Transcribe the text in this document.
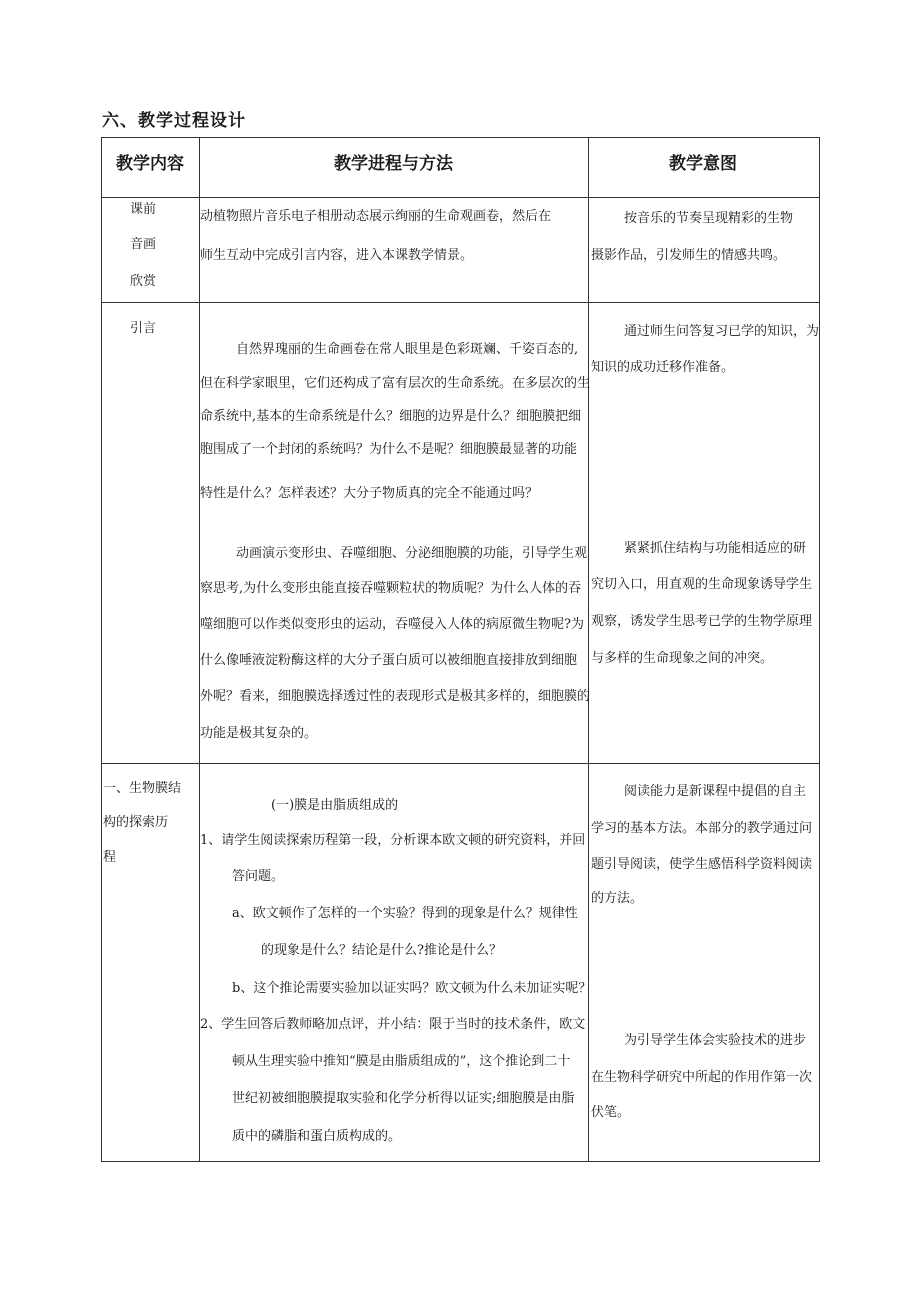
六、教学过程设计
教学内容	教学进程与方法	教学意图
课前
音画
欣赏
动植物照片音乐电子相册动态展示绚丽的生命观画卷，然后在
师生互动中完成引言内容，进入本课教学情景。
按音乐的节奏呈现精彩的生物
摄影作品，引发师生的情感共鸣。
引言
自然界瑰丽的生命画卷在常人眼里是色彩斑斓、千姿百态的,
但在科学家眼里，它们还构成了富有层次的生命系统。在多层次的生
命系统中,基本的生命系统是什么？细胞的边界是什么？细胞膜把细
胞围成了一个封闭的系统吗？为什么不是呢？细胞膜最显著的功能
特性是什么？怎样表述？大分子物质真的完全不能通过吗？
动画演示变形虫、吞噬细胞、分泌细胞膜的功能，引导学生观
察思考,为什么变形虫能直接吞噬颗粒状的物质呢？为什么人体的吞
噬细胞可以作类似变形虫的运动，吞噬侵入人体的病原微生物呢?为
什么像唾液淀粉酶这样的大分子蛋白质可以被细胞直接排放到细胞
外呢？看来，细胞膜选择透过性的表现形式是极其多样的，细胞膜的
功能是极其复杂的。
通过师生问答复习已学的知识，为
知识的成功迁移作准备。
紧紧抓住结构与功能相适应的研
究切入口，用直观的生命现象诱导学生
观察，诱发学生思考已学的生物学原理
与多样的生命现象之间的冲突。
一、生物膜结
构的探索历
程
(一)膜是由脂质组成的
1、请学生阅读探索历程第一段，分析课本欧文顿的研究资料，并回
答问题。
a、欧文顿作了怎样的一个实验？得到的现象是什么？规律性
的现象是什么？结论是什么?推论是什么？
b、这个推论需要实验加以证实吗？欧文顿为什么未加证实呢？
2、学生回答后教师略加点评，并小结：限于当时的技术条件，欧文
顿从生理实验中推知“膜是由脂质组成的”，这个推论到二十
世纪初被细胞膜提取实验和化学分析得以证实;细胞膜是由脂
质中的磷脂和蛋白质构成的。
阅读能力是新课程中提倡的自主
学习的基本方法。本部分的教学通过问
题引导阅读，使学生感悟科学资料阅读
的方法。
为引导学生体会实验技术的进步
在生物科学研究中所起的作用作第一次
伏笔。
